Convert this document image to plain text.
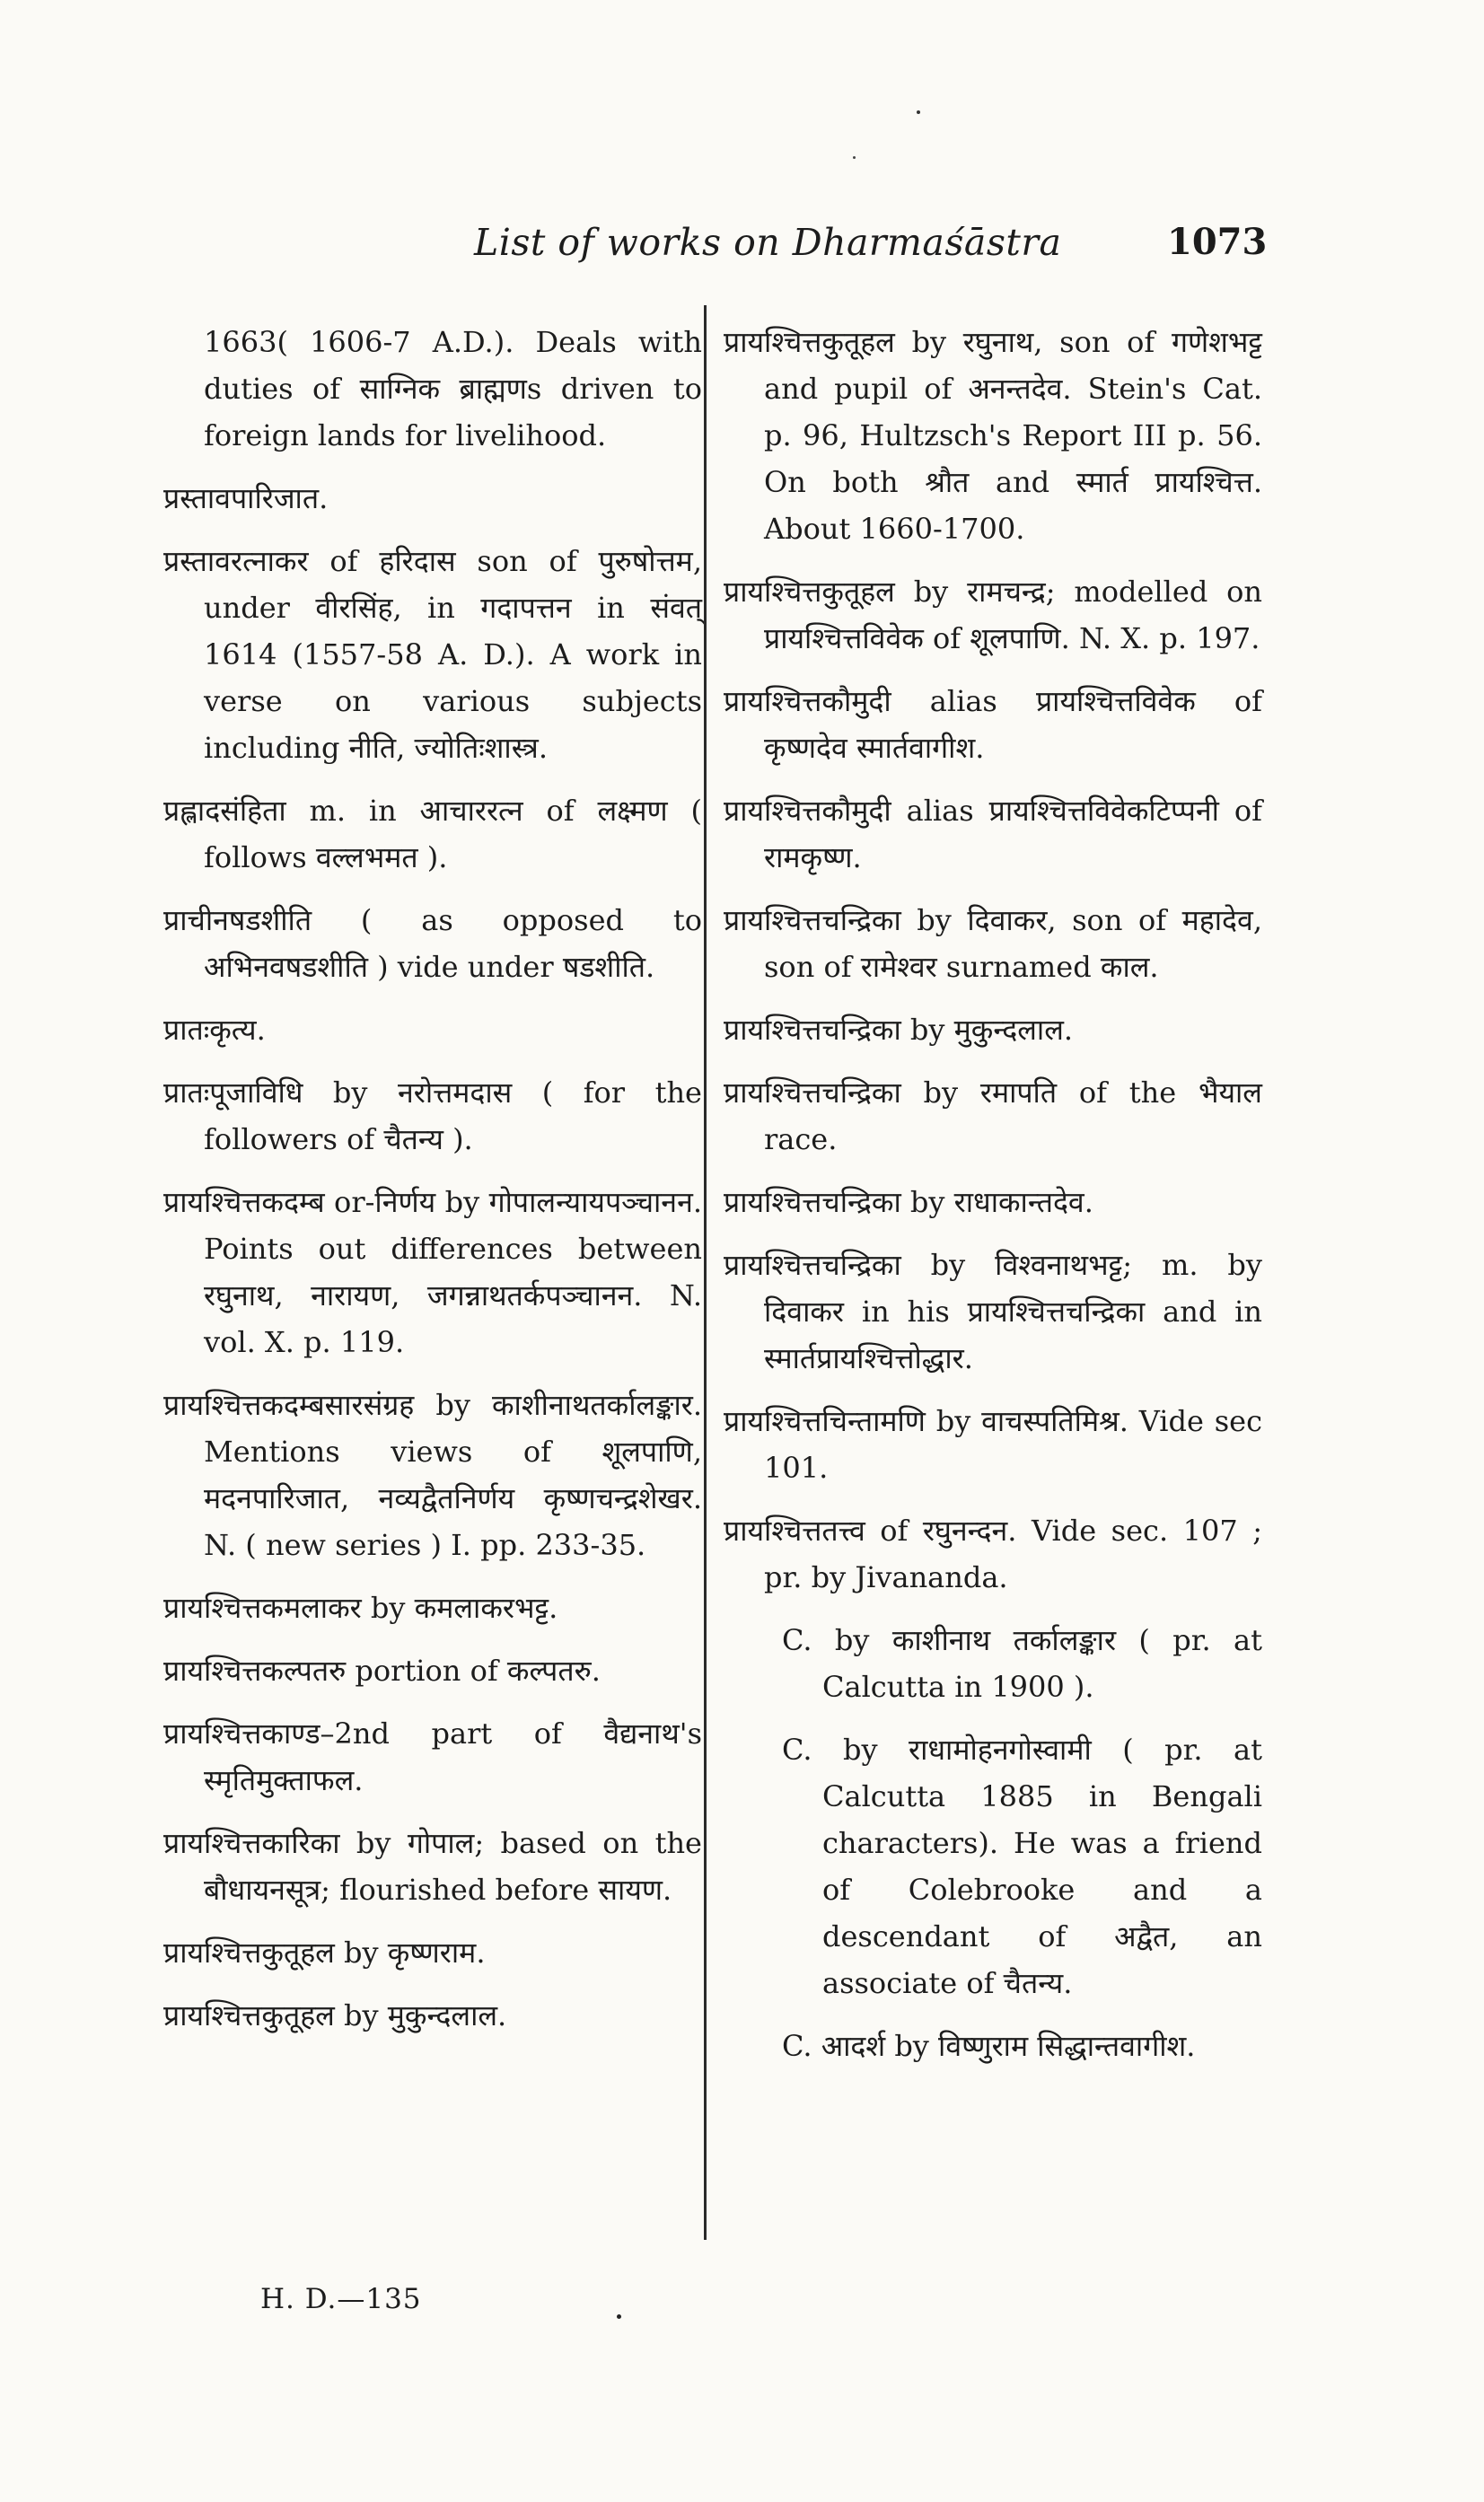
List of works on Dharmaśāstra	1073

1663( 1606-7 A.D.). Deals with duties of साग्निक ब्राह्मणs driven to foreign lands for livelihood.

प्रस्तावपारिजात.

प्रस्तावरत्नाकर of हरिदास son of पुरुषोत्तम, under वीरसिंह, in गदापत्तन in संवत् 1614 (1557-58 A. D.). A work in verse on various subjects including नीति, ज्योतिःशास्त्र.

प्रह्लादसंहिता m. in आचाररत्न of लक्ष्मण ( follows वल्लभमत ).

प्राचीनषडशीति ( as opposed to अभिनवषडशीति ) vide under षडशीति.

प्रातःकृत्य.

प्रातःपूजाविधि by नरोत्तमदास ( for the followers of चैतन्य ).

प्रायश्चित्तकदम्ब or-निर्णय by गोपालन्यायपञ्चानन. Points out differences between रघुनाथ, नारायण, जगन्नाथतर्कपञ्चानन. N. vol. X. p. 119.

प्रायश्चित्तकदम्बसारसंग्रह by काशीनाथतर्कालङ्कार. Mentions views of शूलपाणि, मदनपारिजात, नव्यद्वैतनिर्णय कृष्णचन्द्रशेखर. N. ( new series ) I. pp. 233-35.

प्रायश्चित्तकमलाकर by कमलाकरभट्ट.

प्रायश्चित्तकल्पतरु portion of कल्पतरु.

प्रायश्चित्तकाण्ड–2nd part of वैद्यनाथ's स्मृतिमुक्ताफल.

प्रायश्चित्तकारिका by गोपाल; based on the बौधायनसूत्र; flourished before सायण.

प्रायश्चित्तकुतूहल by कृष्णराम.

प्रायश्चित्तकुतूहल by मुकुन्दलाल.

प्रायश्चित्तकुतूहल by रघुनाथ, son of गणेशभट्ट and pupil of अनन्तदेव. Stein's Cat. p. 96, Hultzsch's Report III p. 56. On both श्रौत and स्मार्त प्रायश्चित्त. About 1660-1700.

प्रायश्चित्तकुतूहल by रामचन्द्र; modelled on प्रायश्चित्तविवेक of शूलपाणि. N. X. p. 197.

प्रायश्चित्तकौमुदी alias प्रायश्चित्तविवेक of कृष्णदेव स्मार्तवागीश.

प्रायश्चित्तकौमुदी alias प्रायश्चित्तविवेकटिप्पनी of रामकृष्ण.

प्रायश्चित्तचन्द्रिका by दिवाकर, son of महादेव, son of रामेश्वर surnamed काल.

प्रायश्चित्तचन्द्रिका by मुकुन्दलाल.

प्रायश्चित्तचन्द्रिका by रमापति of the भैयाल race.

प्रायश्चित्तचन्द्रिका by राधाकान्तदेव.

प्रायश्चित्तचन्द्रिका by विश्वनाथभट्ट; m. by दिवाकर in his प्रायश्चित्तचन्द्रिका and in स्मार्तप्रायश्चित्तोद्धार.

प्रायश्चित्तचिन्तामणि by वाचस्पतिमिश्र. Vide sec 101.

प्रायश्चित्ततत्त्व of रघुनन्दन. Vide sec. 107 ; pr. by Jivananda.

C. by काशीनाथ तर्कालङ्कार ( pr. at Calcutta in 1900 ).

C. by राधामोहनगोस्वामी ( pr. at Calcutta 1885 in Bengali characters). He was a friend of Colebrooke and a descendant of अद्वैत, an associate of चैतन्य.

C. आदर्श by विष्णुराम सिद्धान्तवागीश.

H. D.—135
